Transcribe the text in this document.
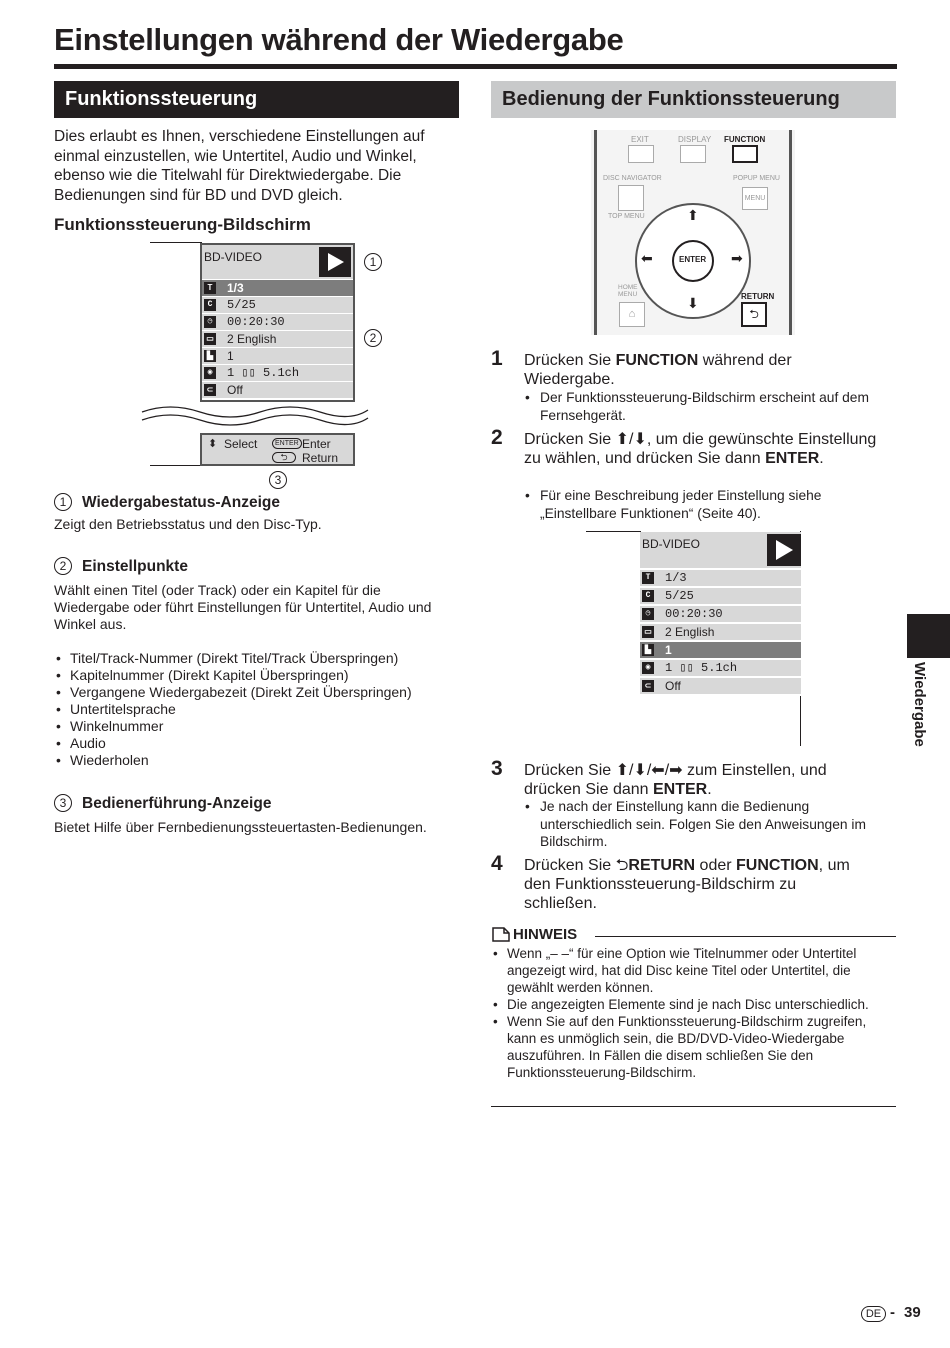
Einstellungen während der Wiedergabe
Funktionssteuerung	Bedienung der Funktionssteuerung
Dies erlaubt es Ihnen, verschiedene Einstellungen auf einmal einzustellen, wie Untertitel, Audio und Winkel, ebenso wie die Titelwahl für Direktwiedergabe. Die Bedienungen sind für BD und DVD gleich.
Funktionssteuerung-Bildschirm
BD-VIDEO
T 1/3
C 5/25
◷ 00:20:30
▭ 2 English
▙ 1
◉ 1 ▯▯ 5.1ch
⊂ Off
⬍ Select	ENTER Enter
⮌	Return
1
2
3
1 Wiedergabestatus-Anzeige
Zeigt den Betriebsstatus und den Disc-Typ.
2 Einstellpunkte
Wählt einen Titel (oder Track) oder ein Kapitel für die Wiedergabe oder führt Einstellungen für Untertitel, Audio und Winkel aus.
• Titel/Track-Nummer (Direkt Titel/Track Überspringen)
• Kapitelnummer (Direkt Kapitel Überspringen)
• Vergangene Wiedergabezeit (Direkt Zeit Überspringen)
• Untertitelsprache
• Winkelnummer
• Audio
• Wiederholen
3 Bedienerführung-Anzeige
Bietet Hilfe über Fernbedienungssteuertasten-Bedienungen.
EXIT	DISPLAY FUNCTION
DISC NAVIGATOR	POPUP MENU
MENU
TOP MENU	⬆
⬇
⬅	➡
ENTER
HOME MENU
⌂
RETURN
⮌
1 Drücken Sie FUNCTION während der Wiedergabe.
• Der Funktionssteuerung-Bildschirm erscheint auf dem Fernsehgerät.
2 Drücken Sie ⬆/⬇, um die gewünschte Einstellung zu wählen, und drücken Sie dann ENTER.
• Für eine Beschreibung jeder Einstellung siehe „Einstellbare Funktionen“ (Seite 40).
BD-VIDEO
T 1/3
C 5/25
◷ 00:20:30
▭ 2 English
▙ 1
◉ 1 ▯▯ 5.1ch
⊂ Off
3 Drücken Sie ⬆/⬇/⬅/➡ zum Einstellen, und drücken Sie dann ENTER.
• Je nach der Einstellung kann die Bedienung unterschiedlich sein. Folgen Sie den Anweisungen im Bildschirm.
4 Drücken Sie ⮌RETURN oder FUNCTION, um den Funktionssteuerung-Bildschirm zu schließen.
HINWEIS
• Wenn „– –“ für eine Option wie Titelnummer oder Untertitel angezeigt wird, hat did Disc keine Titel oder Untertitel, die gewählt werden können.
• Die angezeigten Elemente sind je nach Disc unterschiedlich.
• Wenn Sie auf den Funktionssteuerung-Bildschirm zugreifen, kann es unmöglich sein, die BD/DVD-Video-Wiedergabe auszuführen. In Fällen die disem schließen Sie den Funktionssteuerung-Bildschirm.
Wiedergabe
DE - 39
